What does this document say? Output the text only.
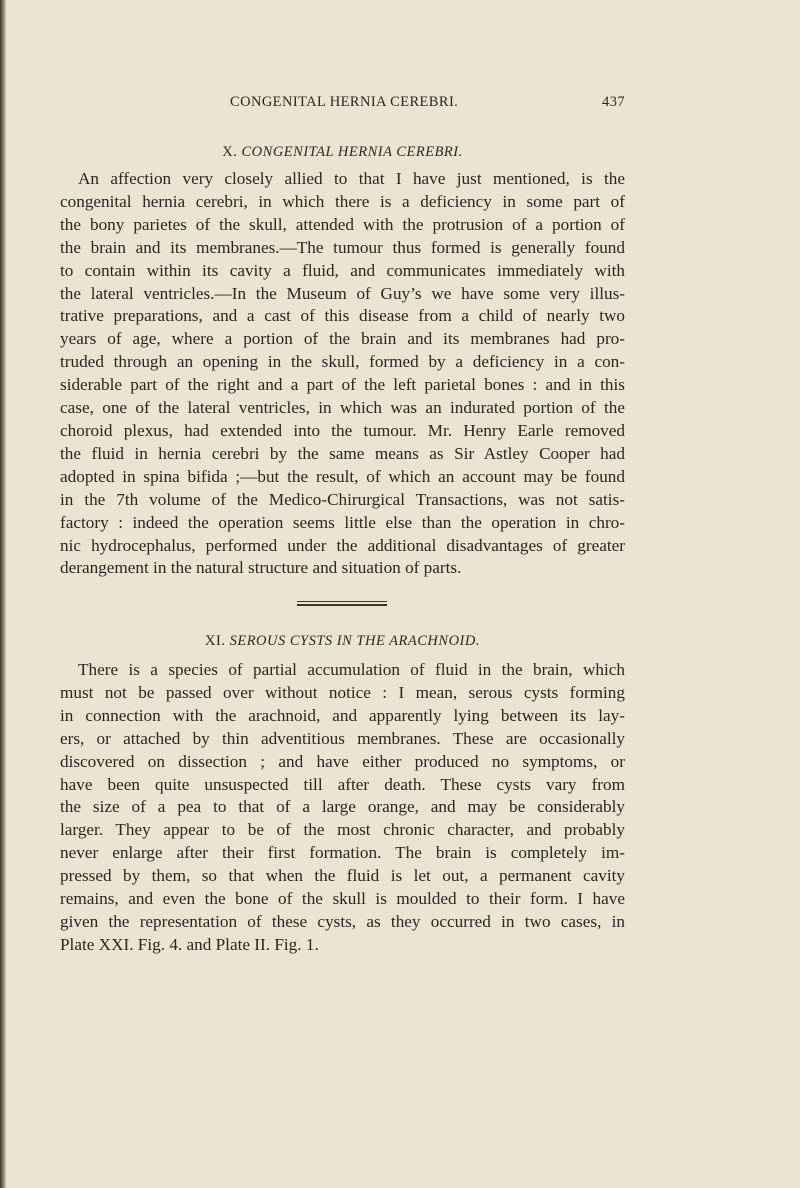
CONGENITAL HERNIA CEREBRI.	437
X. CONGENITAL HERNIA CEREBRI.

An affection very closely allied to that I have just mentioned, is the
congenital hernia cerebri, in which there is a deficiency in some part of
the bony parietes of the skull, attended with the protrusion of a portion of
the brain and its membranes.—The tumour thus formed is generally found
to contain within its cavity a fluid, and communicates immediately with
the lateral ventricles.—In the Museum of Guy’s we have some very illus-
trative preparations, and a cast of this disease from a child of nearly two
years of age, where a portion of the brain and its membranes had pro-
truded through an opening in the skull, formed by a deficiency in a con-
siderable part of the right and a part of the left parietal bones : and in this
case, one of the lateral ventricles, in which was an indurated portion of the
choroid plexus, had extended into the tumour. Mr. Henry Earle removed
the fluid in hernia cerebri by the same means as Sir Astley Cooper had
adopted in spina bifida ;—but the result, of which an account may be found
in the 7th volume of the Medico-Chirurgical Transactions, was not satis-
factory : indeed the operation seems little else than the operation in chro-
nic hydrocephalus, performed under the additional disadvantages of greater
derangement in the natural structure and situation of parts.

XI. SEROUS CYSTS IN THE ARACHNOID.

There is a species of partial accumulation of fluid in the brain, which
must not be passed over without notice : I mean, serous cysts forming
in connection with the arachnoid, and apparently lying between its lay-
ers, or attached by thin adventitious membranes. These are occasionally
discovered on dissection ; and have either produced no symptoms, or
have been quite unsuspected till after death. These cysts vary from
the size of a pea to that of a large orange, and may be considerably
larger. They appear to be of the most chronic character, and probably
never enlarge after their first formation. The brain is completely im-
pressed by them, so that when the fluid is let out, a permanent cavity
remains, and even the bone of the skull is moulded to their form. I have
given the representation of these cysts, as they occurred in two cases, in
Plate XXI. Fig. 4. and Plate II. Fig. 1.
